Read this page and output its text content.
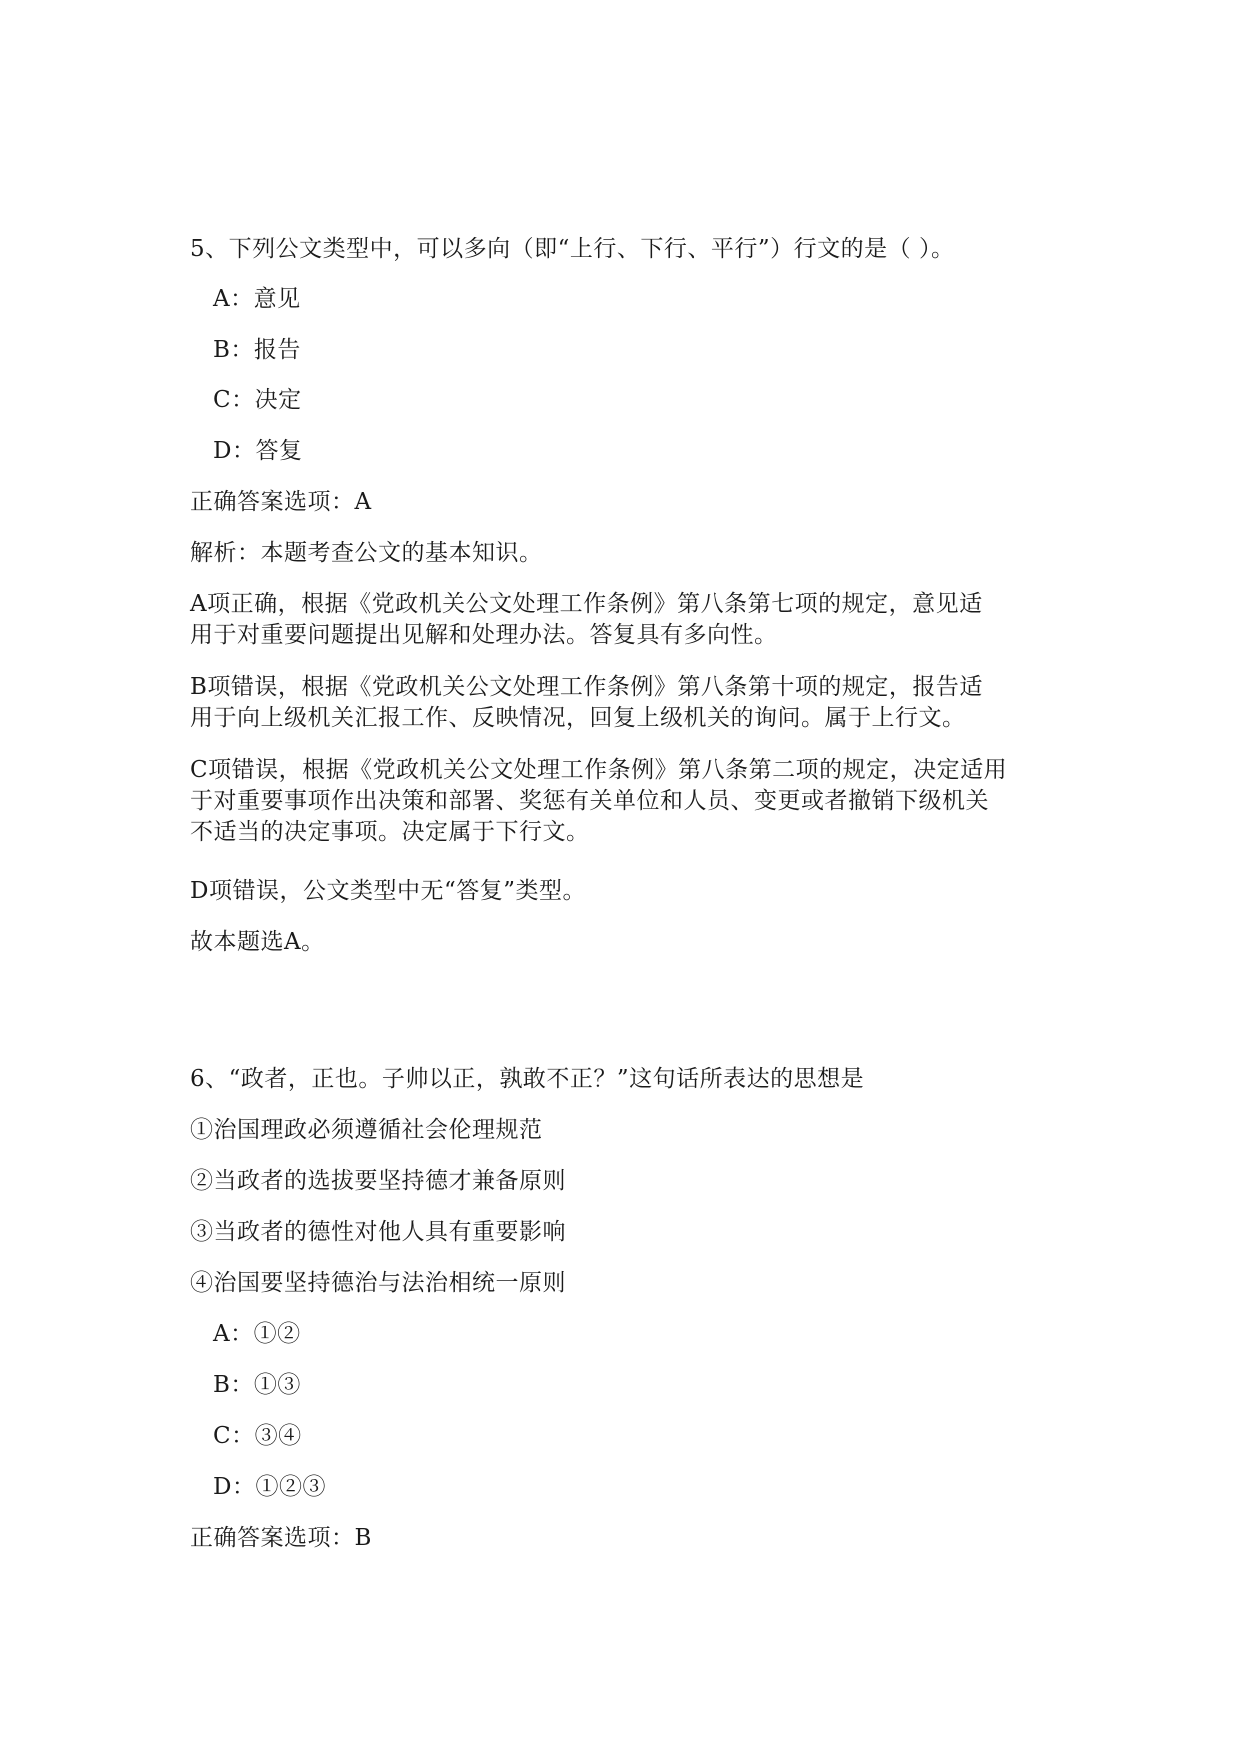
5、下列公文类型中，可以多向（即“上行、下行、平行”）行文的是（ ）。
A：意见
B：报告
C：决定
D：答复
正确答案选项：A
解析：本题考查公文的基本知识。
A项正确，根据《党政机关公文处理工作条例》第八条第七项的规定，意见适
用于对重要问题提出见解和处理办法。答复具有多向性。
B项错误，根据《党政机关公文处理工作条例》第八条第十项的规定，报告适
用于向上级机关汇报工作、反映情况，回复上级机关的询问。属于上行文。
C项错误，根据《党政机关公文处理工作条例》第八条第二项的规定，决定适用
于对重要事项作出决策和部署、奖惩有关单位和人员、变更或者撤销下级机关
不适当的决定事项。决定属于下行文。
D项错误，公文类型中无“答复”类型。
故本题选A。
6、“政者，正也。子帅以正，孰敢不正？”这句话所表达的思想是
①治国理政必须遵循社会伦理规范
②当政者的选拔要坚持德才兼备原则
③当政者的德性对他人具有重要影响
④治国要坚持德治与法治相统一原则
A：①②
B：①③
C：③④
D：①②③
正确答案选项：B
